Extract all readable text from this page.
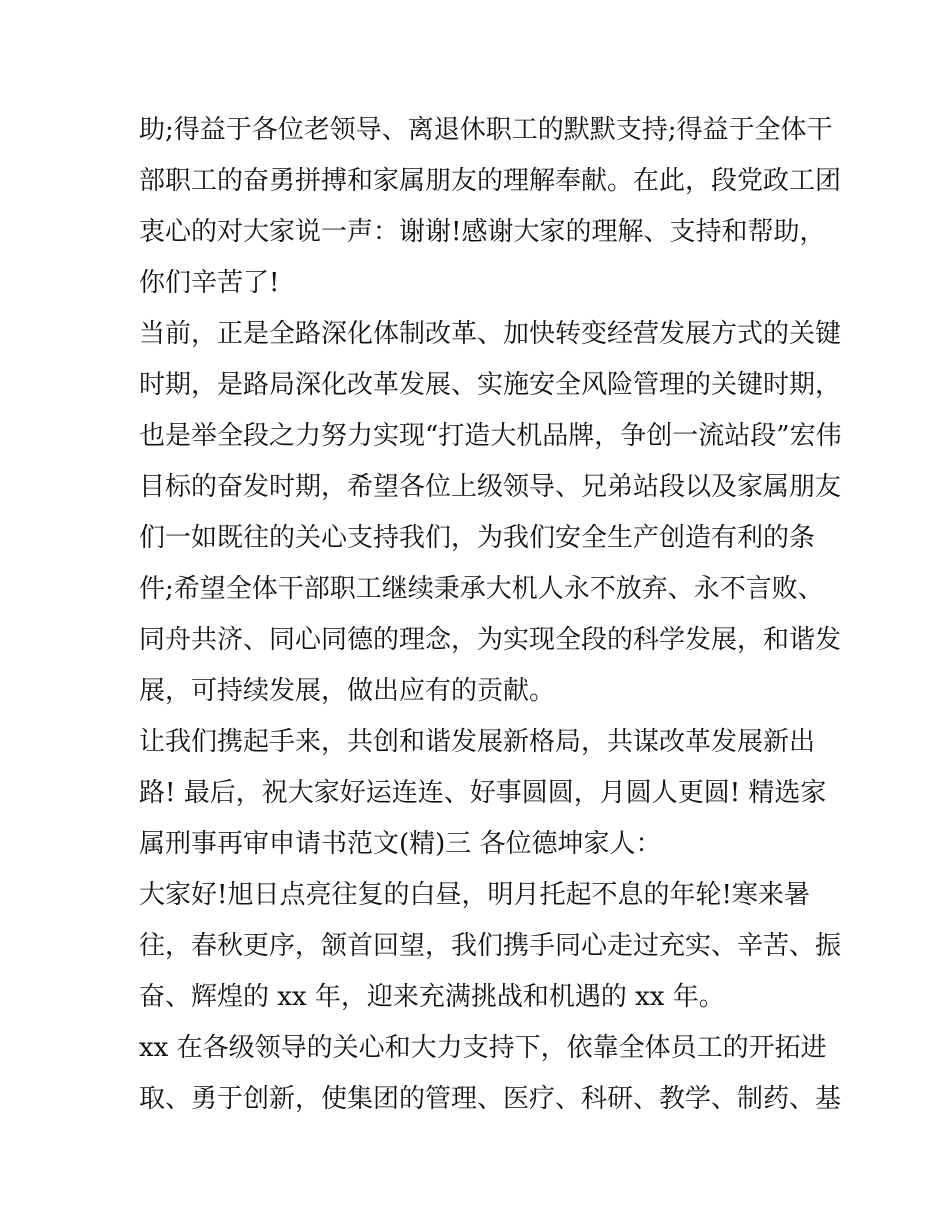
助;得益于各位老领导、离退休职工的默默支持;得益于全体干
部职工的奋勇拼搏和家属朋友的理解奉献。在此，段党政工团
衷心的对大家说一声：谢谢!感谢大家的理解、支持和帮助，
你们辛苦了!
当前，正是全路深化体制改革、加快转变经营发展方式的关键
时期，是路局深化改革发展、实施安全风险管理的关键时期，
也是举全段之力努力实现“打造大机品牌，争创一流站段”宏伟
目标的奋发时期，希望各位上级领导、兄弟站段以及家属朋友
们一如既往的关心支持我们，为我们安全生产创造有利的条
件;希望全体干部职工继续秉承大机人永不放弃、永不言败、
同舟共济、同心同德的理念，为实现全段的科学发展，和谐发
展，可持续发展，做出应有的贡献。
让我们携起手来，共创和谐发展新格局，共谋改革发展新出
路! 最后，祝大家好运连连、好事圆圆，月圆人更圆! 精选家
属刑事再审申请书范文(精)三 各位德坤家人：
大家好!旭日点亮往复的白昼，明月托起不息的年轮!寒来暑
往，春秋更序，颔首回望，我们携手同心走过充实、辛苦、振
奋、辉煌的 xx 年，迎来充满挑战和机遇的 xx 年。
xx 在各级领导的关心和大力支持下，依靠全体员工的开拓进
取、勇于创新，使集团的管理、医疗、科研、教学、制药、基
